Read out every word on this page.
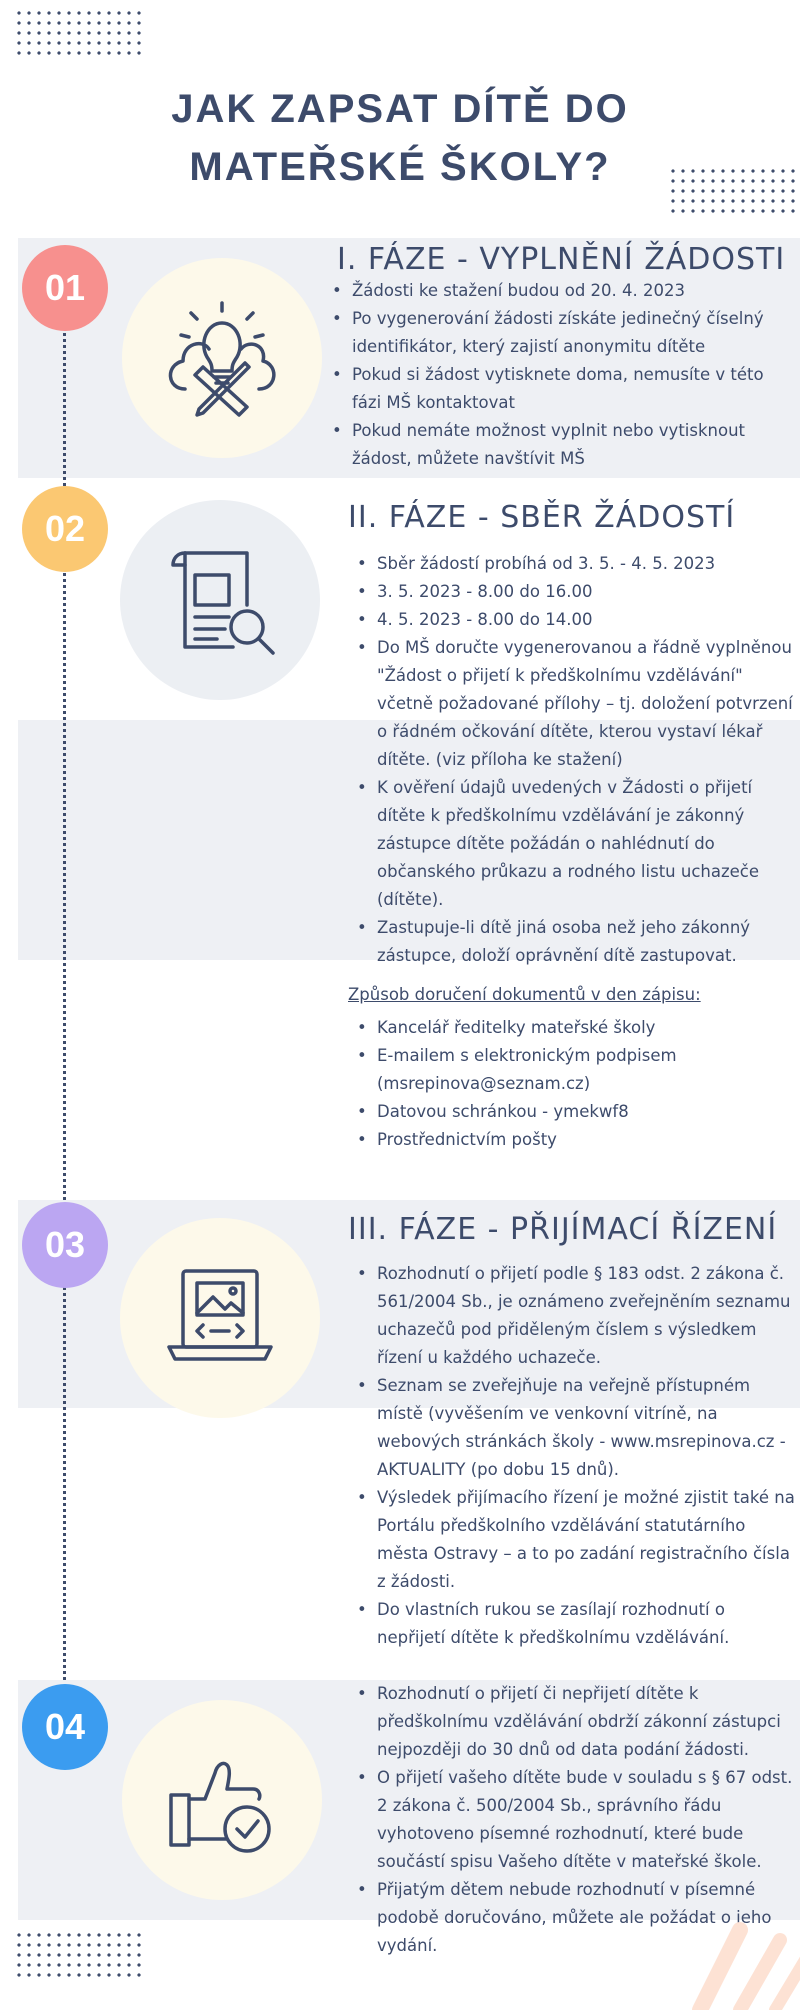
JAK ZAPSAT DÍTĚ DO
MATEŘSKÉ ŠKOLY?
01
I. FÁZE - VYPLNĚNÍ ŽÁDOSTI
• Žádosti ke stažení budou od 20. 4. 2023
• Po vygenerování žádosti získáte jedinečný číselný identifikátor, který zajistí anonymitu dítěte
• Pokud si žádost vytisknete doma, nemusíte v této fázi MŠ kontaktovat
• Pokud nemáte možnost vyplnit nebo vytisknout žádost, můžete navštívit MŠ
02	II. FÁZE - SBĚR ŽÁDOSTÍ
• Sběr žádostí probíhá od 3. 5. - 4. 5. 2023
• 3. 5. 2023 - 8.00 do 16.00
• 4. 5. 2023 - 8.00 do 14.00
• Do MŠ doručte vygenerovanou a řádně vyplněnou "Žádost o přijetí k předškolnímu vzdělávání" včetně požadované přílohy – tj. doložení potvrzení o řádném očkování dítěte, kterou vystaví lékař dítěte. (viz příloha ke stažení)
• K ověření údajů uvedených v Žádosti o přijetí dítěte k předškolnímu vzdělávání je zákonný zástupce dítěte požádán o nahlédnutí do občanského průkazu a rodného listu uchazeče (dítěte).
• Zastupuje-li dítě jiná osoba než jeho zákonný zástupce, doloží oprávnění dítě zastupovat.
Způsob doručení dokumentů v den zápisu:
• Kancelář ředitelky mateřské školy
• E-mailem s elektronickým podpisem (msrepinova@seznam.cz)
• Datovou schránkou - ymekwf8
• Prostřednictvím pošty
03	III. FÁZE - PŘIJÍMACÍ ŘÍZENÍ
• Rozhodnutí o přijetí podle § 183 odst. 2 zákona č. 561/2004 Sb., je oznámeno zveřejněním seznamu uchazečů pod přiděleným číslem s výsledkem řízení u každého uchazeče.
• Seznam se zveřejňuje na veřejně přístupném místě (vyvěšením ve venkovní vitríně, na webových stránkách školy - www.msrepinova.cz - AKTUALITY (po dobu 15 dnů).
• Výsledek přijímacího řízení je možné zjistit také na Portálu předškolního vzdělávání statutárního města Ostravy – a to po zadání registračního čísla z žádosti.
• Do vlastních rukou se zasílají rozhodnutí o nepřijetí dítěte k předškolnímu vzdělávání.
04
• Rozhodnutí o přijetí či nepřijetí dítěte k předškolnímu vzdělávání obdrží zákonní zástupci nejpozději do 30 dnů od data podání žádosti.
• O přijetí vašeho dítěte bude v souladu s § 67 odst. 2 zákona č. 500/2004 Sb., správního řádu vyhotoveno písemné rozhodnutí, které bude součástí spisu Vašeho dítěte v mateřské škole.
• Přijatým dětem nebude rozhodnutí v písemné podobě doručováno, můžete ale požádat o jeho vydání.
